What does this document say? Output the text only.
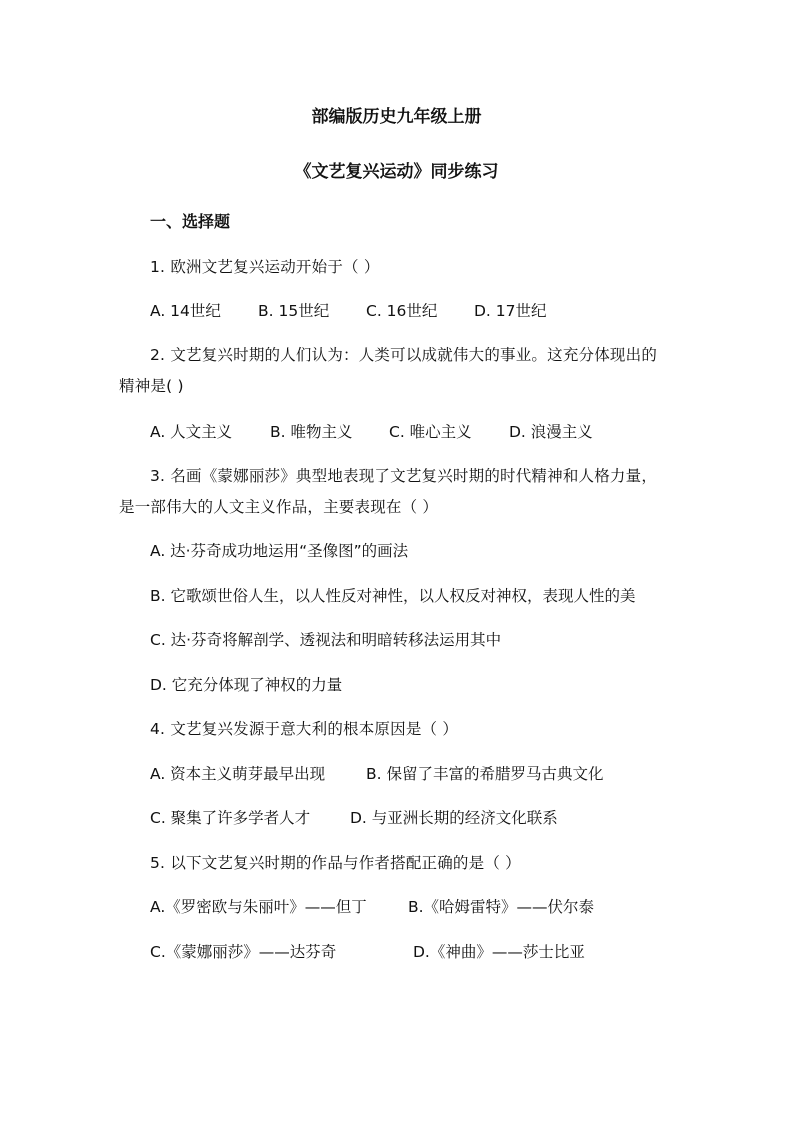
部编版历史九年级上册
《文艺复兴运动》同步练习
一、选择题
1. 欧洲文艺复兴运动开始于（ ）
A. 14世纪 B. 15世纪 C. 16世纪 D. 17世纪
2. 文艺复兴时期的人们认为：人类可以成就伟大的事业。这充分体现出的
精神是( )
A. 人文主义 B. 唯物主义 C. 唯心主义 D. 浪漫主义
3. 名画《蒙娜丽莎》典型地表现了文艺复兴时期的时代精神和人格力量，
是一部伟大的人文主义作品，主要表现在（ ）
A. 达·芬奇成功地运用“圣像图”的画法
B. 它歌颂世俗人生，以人性反对神性，以人权反对神权，表现人性的美
C. 达·芬奇将解剖学、透视法和明暗转移法运用其中
D. 它充分体现了神权的力量
4. 文艺复兴发源于意大利的根本原因是（ ）
A. 资本主义萌芽最早出现	B. 保留了丰富的希腊罗马古典文化
C. 聚集了许多学者人才	D. 与亚洲长期的经济文化联系
5. 以下文艺复兴时期的作品与作者搭配正确的是（ ）
A.《罗密欧与朱丽叶》——但丁	B.《哈姆雷特》——伏尔泰
C.《蒙娜丽莎》——达芬奇	D.《神曲》——莎士比亚
